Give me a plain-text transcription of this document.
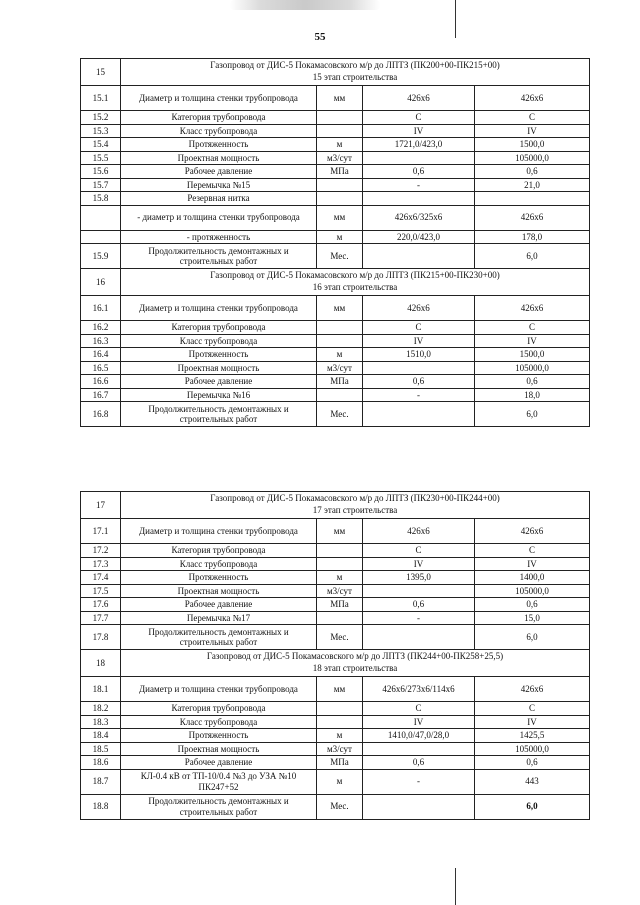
55
15	Газопровод от ДИС-5 Покамасовского м/р до ЛПТЗ (ПК200+00-ПК215+00)
15 этап строительства			

15.1	Диаметр и толщина стенки трубопровода	мм	426x6	426x6
15.2	Категория трубопровода		С	С
15.3	Класс трубопровода		IV	IV
15.4	Протяженность	м	1721,0/423,0	1500,0
15.5	Проектная мощность	м3/сут		105000,0
15.6	Рабочее давление	МПа	0,6	0,6
15.7	Перемычка №15		-	21,0
15.8	Резервная нитка			
	- диаметр и толщина стенки трубопровода	мм	426x6/325x6	426x6
	- протяженность	м	220,0/423,0	178,0
15.9	Продолжительность демонтажных и строительных работ	Мес.		6,0
16	Газопровод от ДИС-5 Покамасовского м/р до ЛПТЗ (ПК215+00-ПК230+00)
16 этап строительства			

16.1	Диаметр и толщина стенки трубопровода	мм	426x6	426x6
16.2	Категория трубопровода		С	С
16.3	Класс трубопровода		IV	IV
16.4	Протяженность	м	1510,0	1500,0
16.5	Проектная мощность	м3/сут		105000,0
16.6	Рабочее давление	МПа	0,6	0,6
16.7	Перемычка №16		-	18,0
16.8	Продолжительность демонтажных и строительных работ	Мес.		6,0
17	Газопровод от ДИС-5 Покамасовского м/р до ЛПТЗ (ПК230+00-ПК244+00)
17 этап строительства			

17.1	Диаметр и толщина стенки трубопровода	мм	426x6	426x6
17.2	Категория трубопровода		С	С
17.3	Класс трубопровода		IV	IV
17.4	Протяженность	м	1395,0	1400,0
17.5	Проектная мощность	м3/сут		105000,0
17.6	Рабочее давление	МПа	0,6	0,6
17.7	Перемычка №17		-	15,0
17.8	Продолжительность демонтажных и строительных работ	Мес.		6,0
18	Газопровод от ДИС-5 Покамасовского м/р до ЛПТЗ (ПК244+00-ПК258+25,5)
18 этап строительства			

18.1	Диаметр и толщина стенки трубопровода	мм	426x6/273x6/114x6	426x6
18.2	Категория трубопровода		С	С
18.3	Класс трубопровода		IV	IV
18.4	Протяженность	м	1410,0/47,0/28,0	1425,5
18.5	Проектная мощность	м3/сут		105000,0
18.6	Рабочее давление	МПа	0,6	0,6
18.7	КЛ-0.4 кВ от ТП-10/0.4 №3 до УЗА №10 ПК247+52	м	-	443
18.8	Продолжительность демонтажных и строительных работ	Мес.		6,0
